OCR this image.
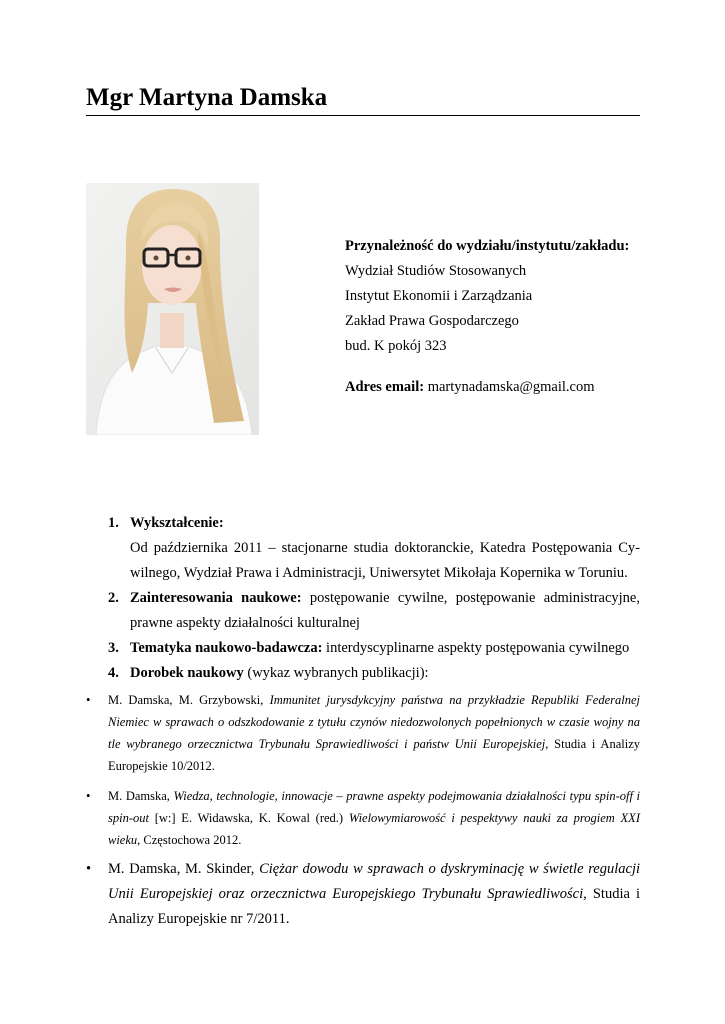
Mgr Martyna Damska
Przynależność do wydziału/instytutu/zakładu:
Wydział Studiów Stosowanych
Instytut Ekonomii i Zarządzania
Zakład Prawa Gospodarczego
bud. K pokój 323
Adres email: martynadamska@gmail.com
1. Wykształcenie:
Od października 2011 – stacjonarne studia doktoranckie, Katedra Postępowania Cy-
wilnego, Wydział Prawa i Administracji, Uniwersytet Mikołaja Kopernika w Toruniu.
2. Zainteresowania naukowe: postępowanie cywilne, postępowanie administracyjne,
prawne aspekty działalności kulturalnej
3. Tematyka naukowo-badawcza: interdyscyplinarne aspekty postępowania cywilnego
4. Dorobek naukowy (wykaz wybranych publikacji):
• M. Damska, M. Grzybowski, Immunitet jurysdykcyjny państwa na przykładzie Republiki Federalnej Niemiec w sprawach o odszkodowanie z tytułu czynów niedozwolonych popełnionych w czasie wojny na tle wybranego orzecznictwa Trybunału Sprawiedliwości i państw Unii Europejskiej, Studia i Analizy Europejskie 10/2012.
• M. Damska, Wiedza, technologie, innowacje – prawne aspekty podejmowania działalności typu spin-off i spin-out [w:] E. Widawska, K. Kowal (red.) Wielowymiarowość i pespektywy nauki za progiem XXI wieku, Częstochowa 2012.
• M. Damska, M. Skinder, Ciężar dowodu w sprawach o dyskryminację w świetle regulacji Unii Europejskiej oraz orzecznictwa Europejskiego Trybunału Sprawiedliwości, Studia i Analizy Europejskie nr 7/2011.
